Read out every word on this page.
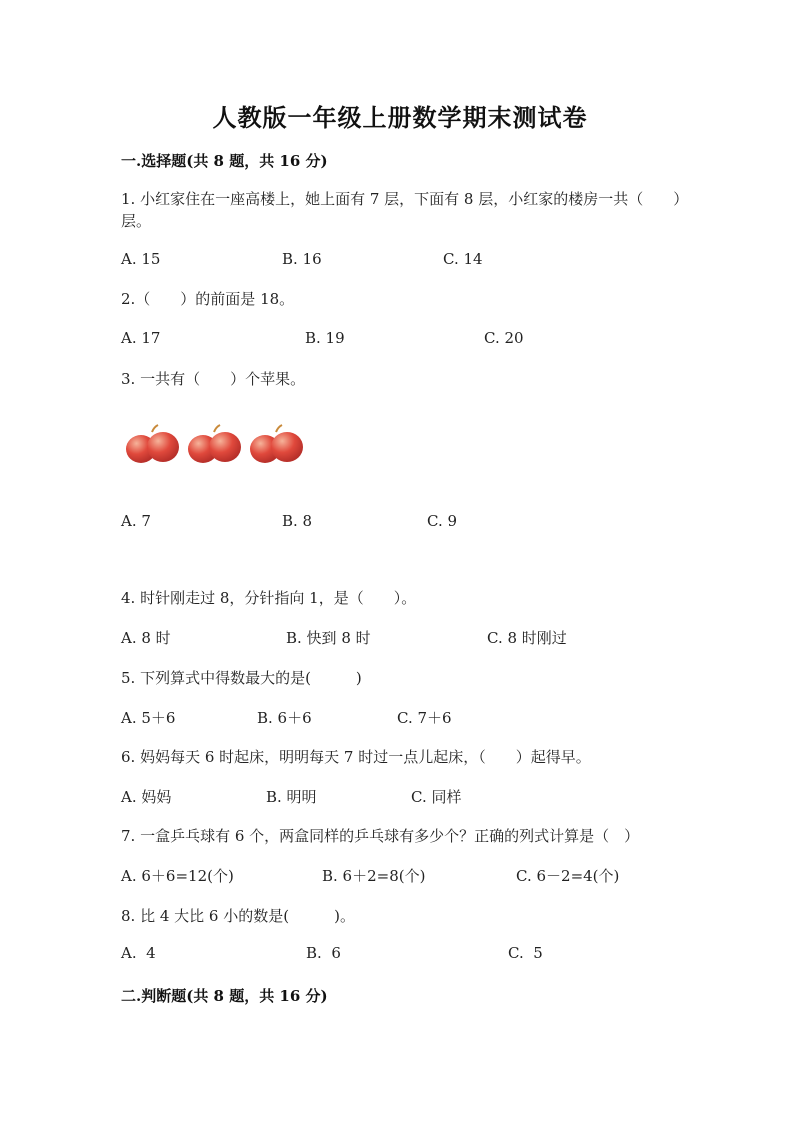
人教版一年级上册数学期末测试卷
一.选择题(共 8 题，共 16 分)
1. 小红家住在一座高楼上，她上面有 7 层，下面有 8 层，小红家的楼房一共（　　）层。
A. 15	B. 16	C. 14
2.（　　）的前面是 18。
A. 17	B. 19	C. 20
3. 一共有（　　）个苹果。
A. 7	B. 8	C. 9
4. 时针刚走过 8，分针指向 1，是（　　）。
A. 8 时	B. 快到 8 时	C. 8 时刚过
5. 下列算式中得数最大的是(　　　)
A. 5＋6	B. 6＋6	C. 7＋6
6. 妈妈每天 6 时起床，明明每天 7 时过一点儿起床，（　　）起得早。
A. 妈妈	B. 明明	C. 同样
7. 一盒乒乓球有 6 个，两盒同样的乒乓球有多少个？正确的列式计算是（　）
A. 6＋6=12(个)	B. 6＋2=8(个)	C. 6－2=4(个)
8. 比 4 大比 6 小的数是(　　　)。
A.  4	B.  6	C.  5
二.判断题(共 8 题，共 16 分)
